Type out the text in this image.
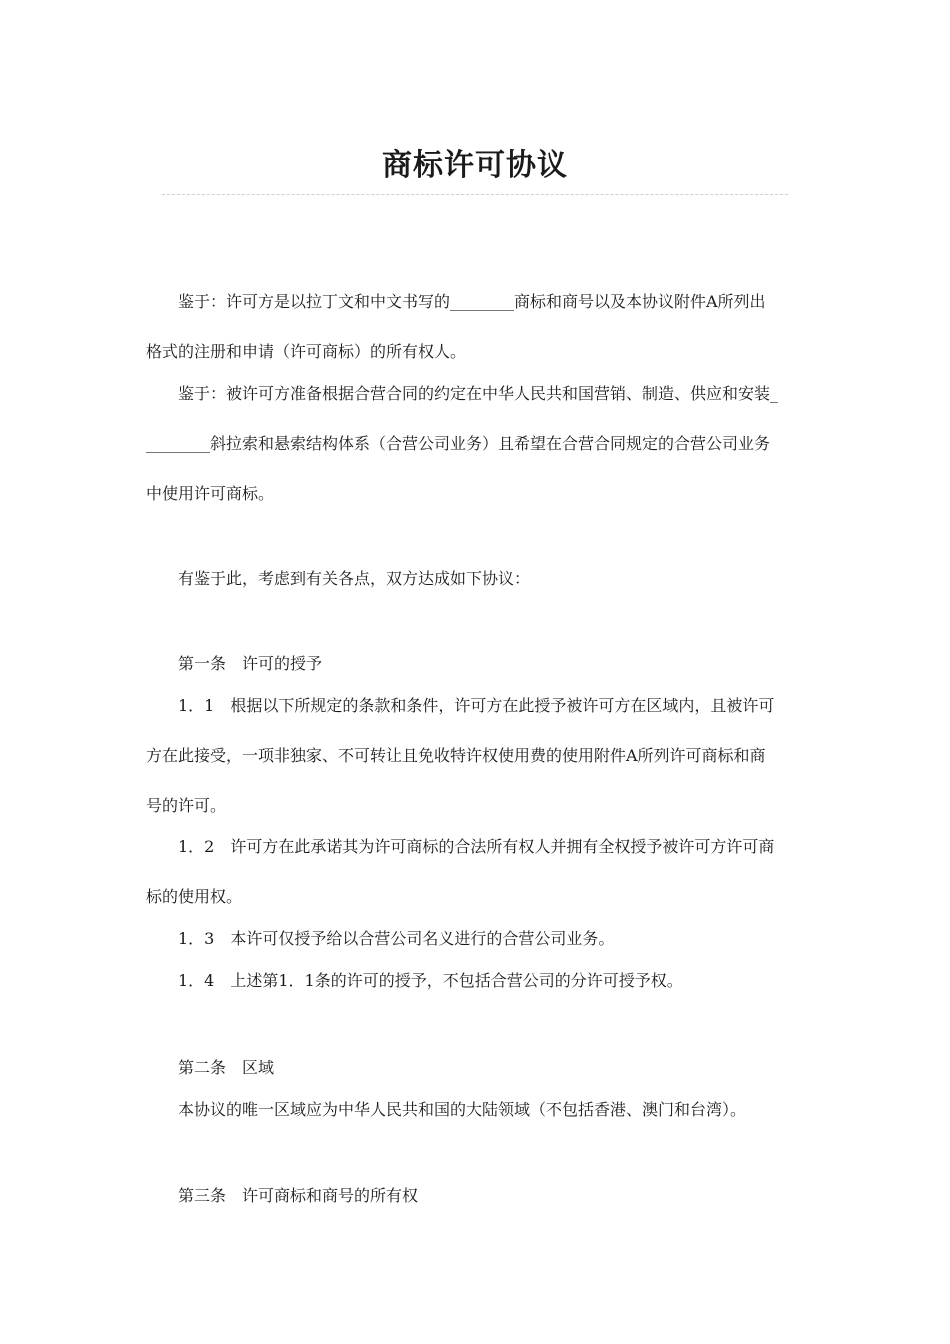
商标许可协议

鉴于：许可方是以拉丁文和中文书写的________商标和商号以及本协议附件A所列出

格式的注册和申请（许可商标）的所有权人。

鉴于：被许可方准备根据合营合同的约定在中华人民共和国营销、制造、供应和安装_

________斜拉索和悬索结构体系（合营公司业务）且希望在合营合同规定的合营公司业务

中使用许可商标。

有鉴于此，考虑到有关各点，双方达成如下协议：

第一条　许可的授予

1．1　根据以下所规定的条款和条件，许可方在此授予被许可方在区域内，且被许可

方在此接受，一项非独家、不可转让且免收特许权使用费的使用附件A所列许可商标和商

号的许可。

1．2　许可方在此承诺其为许可商标的合法所有权人并拥有全权授予被许可方许可商

标的使用权。

1．3　本许可仅授予给以合营公司名义进行的合营公司业务。

1．4　上述第1．1条的许可的授予，不包括合营公司的分许可授予权。

第二条　区域

本协议的唯一区域应为中华人民共和国的大陆领域（不包括香港、澳门和台湾）。

第三条　许可商标和商号的所有权
